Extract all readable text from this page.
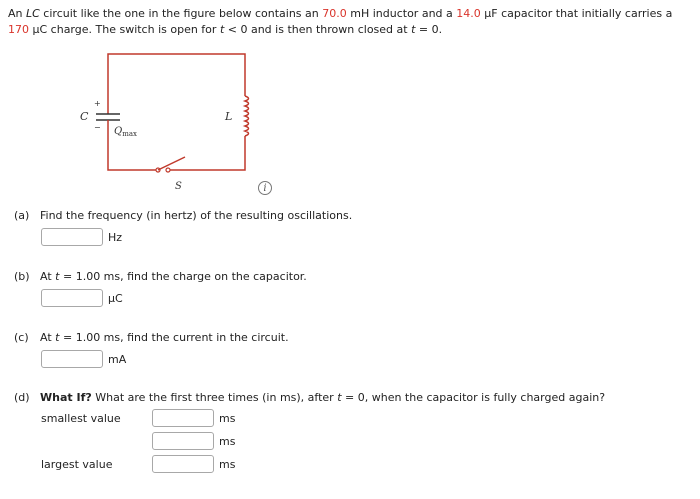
An LC circuit like the one in the figure below contains an 70.0 mH inductor and a 14.0 μF capacitor that initially carries a
170 μC charge. The switch is open for t < 0 and is then thrown closed at t = 0.
C
+
− $Q_{max}$
L
S	i
(a) Find the frequency (in hertz) of the resulting oscillations.
Hz
(b) At t = 1.00 ms, find the charge on the capacitor.
μC
(c) At t = 1.00 ms, find the current in the circuit.
mA
(d) What If? What are the first three times (in ms), after t = 0, when the capacitor is fully charged again?
smallest value	ms
ms
largest value	ms
